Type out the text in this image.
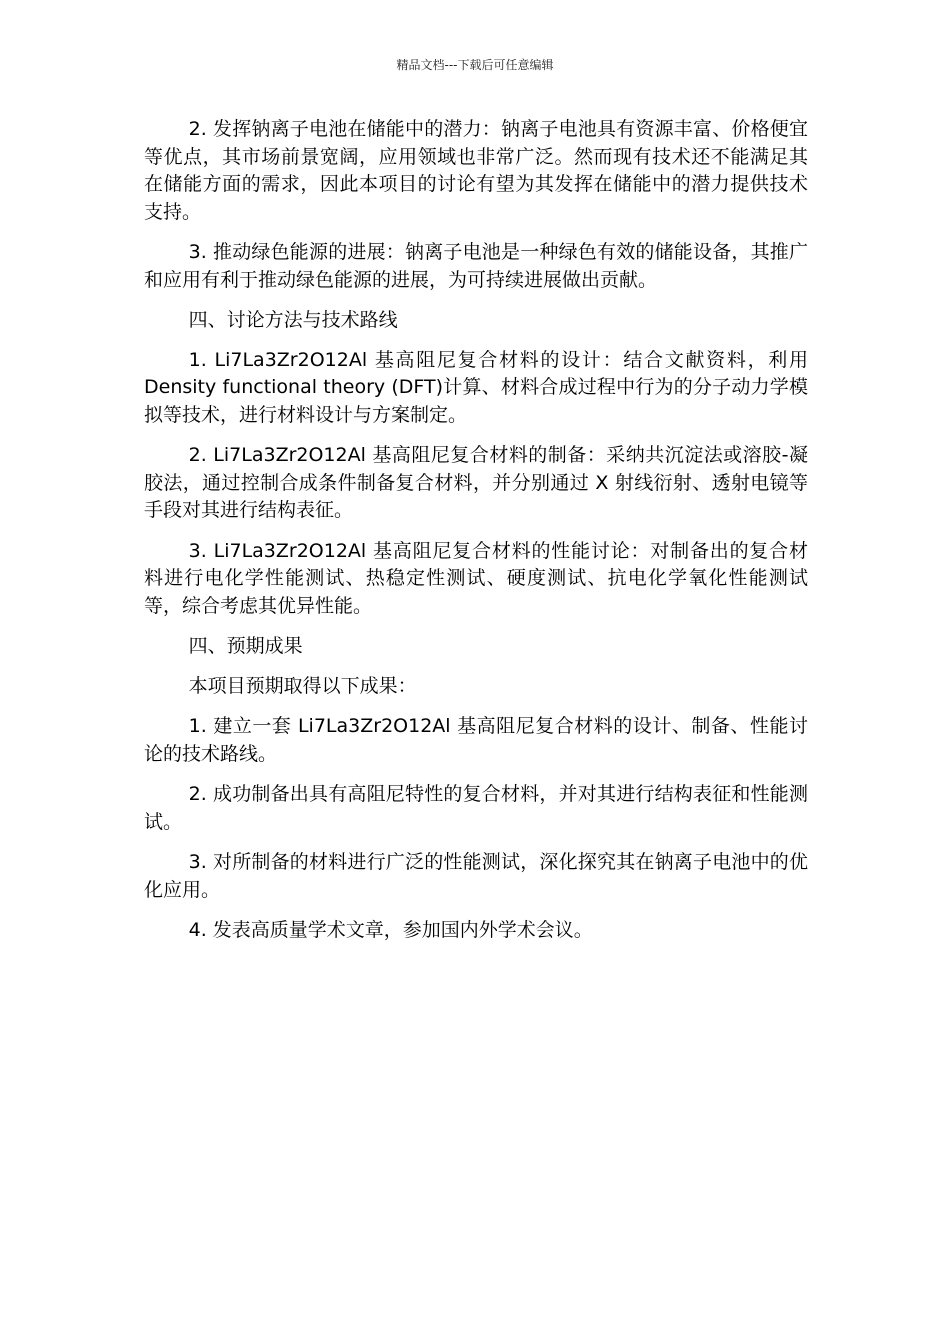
精品文档---下载后可任意编辑

2. 发挥钠离子电池在储能中的潜力：钠离子电池具有资源丰富、价格便宜等优点，其市场前景宽阔，应用领域也非常广泛。然而现有技术还不能满足其在储能方面的需求，因此本项目的讨论有望为其发挥在储能中的潜力提供技术支持。

3. 推动绿色能源的进展：钠离子电池是一种绿色有效的储能设备，其推广和应用有利于推动绿色能源的进展，为可持续进展做出贡献。

四、讨论方法与技术路线

1. Li7La3Zr2O12Al 基高阻尼复合材料的设计：结合文献资料，利用 Density functional theory (DFT)计算、材料合成过程中行为的分子动力学模拟等技术，进行材料设计与方案制定。

2. Li7La3Zr2O12Al 基高阻尼复合材料的制备：采纳共沉淀法或溶胶-凝胶法，通过控制合成条件制备复合材料，并分别通过 X 射线衍射、透射电镜等手段对其进行结构表征。

3. Li7La3Zr2O12Al 基高阻尼复合材料的性能讨论：对制备出的复合材料进行电化学性能测试、热稳定性测试、硬度测试、抗电化学氧化性能测试等，综合考虑其优异性能。

四、预期成果

本项目预期取得以下成果：

1. 建立一套 Li7La3Zr2O12Al 基高阻尼复合材料的设计、制备、性能讨论的技术路线。

2. 成功制备出具有高阻尼特性的复合材料，并对其进行结构表征和性能测试。

3. 对所制备的材料进行广泛的性能测试，深化探究其在钠离子电池中的优化应用。

4. 发表高质量学术文章，参加国内外学术会议。
